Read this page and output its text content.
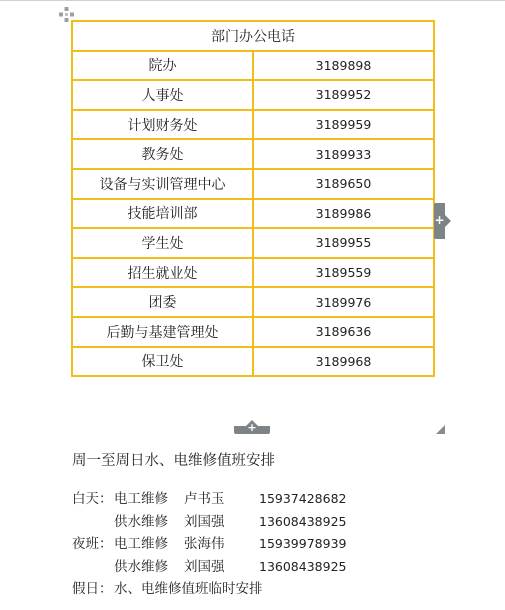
部门办公电话	
院办	3189898
人事处	3189952
计划财务处	3189959
教务处	3189933
设备与实训管理中心	3189650
技能培训部	3189986
学生处	3189955
招生就业处	3189559
团委	3189976
后勤与基建管理处	3189636
保卫处	3189968
+
+
周一至周日水、电维修值班安排
白天： 电工维修 卢书玉	15937428682
供水维修 刘国强	13608438925
夜班： 电工维修 张海伟	15939978939
供水维修 刘国强	13608438925
假日： 水、电维修值班临时安排
